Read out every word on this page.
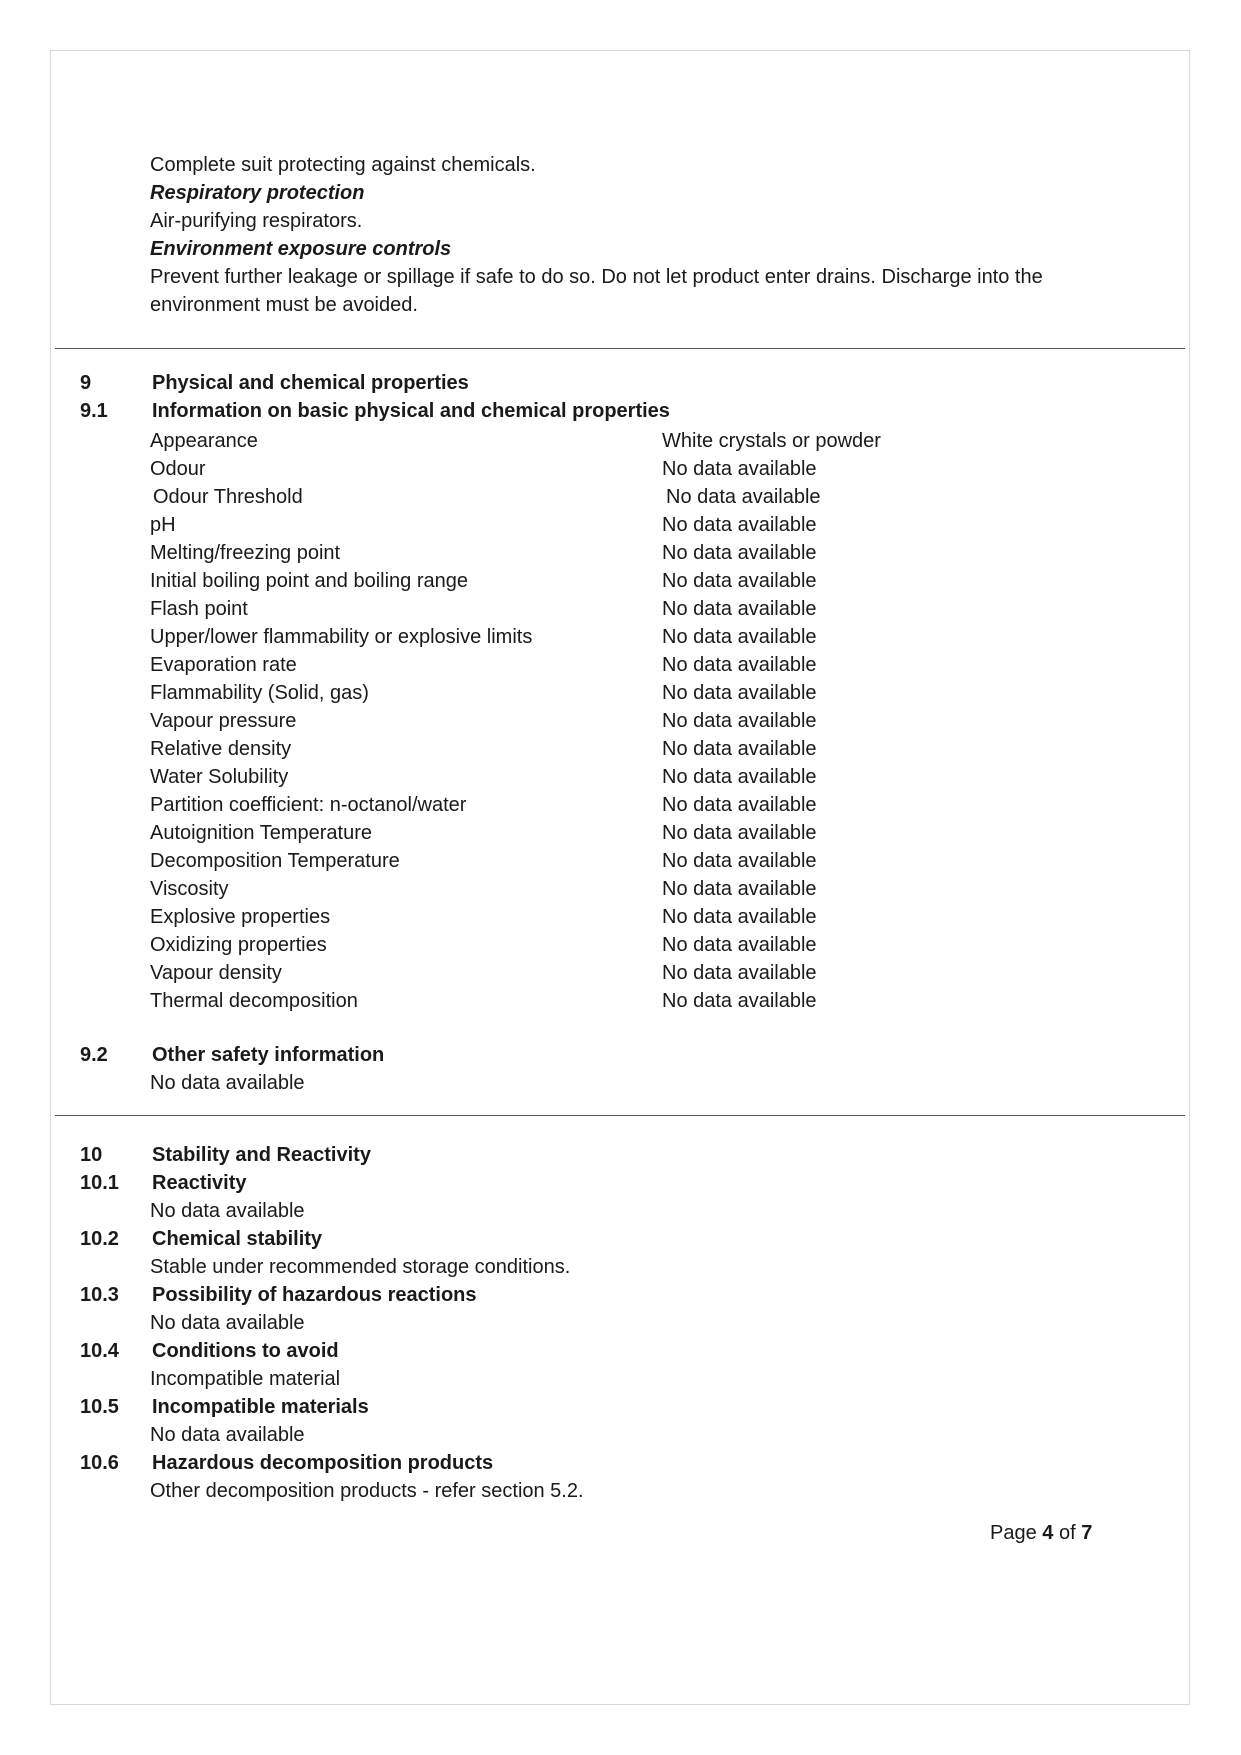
Complete suit protecting against chemicals.
Respiratory protection
Air-purifying respirators.
Environment exposure controls
Prevent further leakage or spillage if safe to do so. Do not let product enter drains. Discharge into the environment must be avoided.
9	Physical and chemical properties
9.1	Information on basic physical and chemical properties
Appearance	White crystals or powder
Odour	No data available
Odour Threshold	No data available
pH	No data available
Melting/freezing point	No data available
Initial boiling point and boiling range	No data available
Flash point	No data available
Upper/lower flammability or explosive limits	No data available
Evaporation rate	No data available
Flammability (Solid, gas)	No data available
Vapour pressure	No data available
Relative density	No data available
Water Solubility	No data available
Partition coefficient: n-octanol/water	No data available
Autoignition Temperature	No data available
Decomposition Temperature	No data available
Viscosity	No data available
Explosive properties	No data available
Oxidizing properties	No data available
Vapour density	No data available
Thermal decomposition	No data available
9.2	Other safety information
No data available
10	Stability and Reactivity
10.1	Reactivity
No data available
10.2	Chemical stability
Stable under recommended storage conditions.
10.3	Possibility of hazardous reactions
No data available
10.4	Conditions to avoid
Incompatible material
10.5	Incompatible materials
No data available
10.6	Hazardous decomposition products
Other decomposition products - refer section 5.2.
Page 4 of 7
